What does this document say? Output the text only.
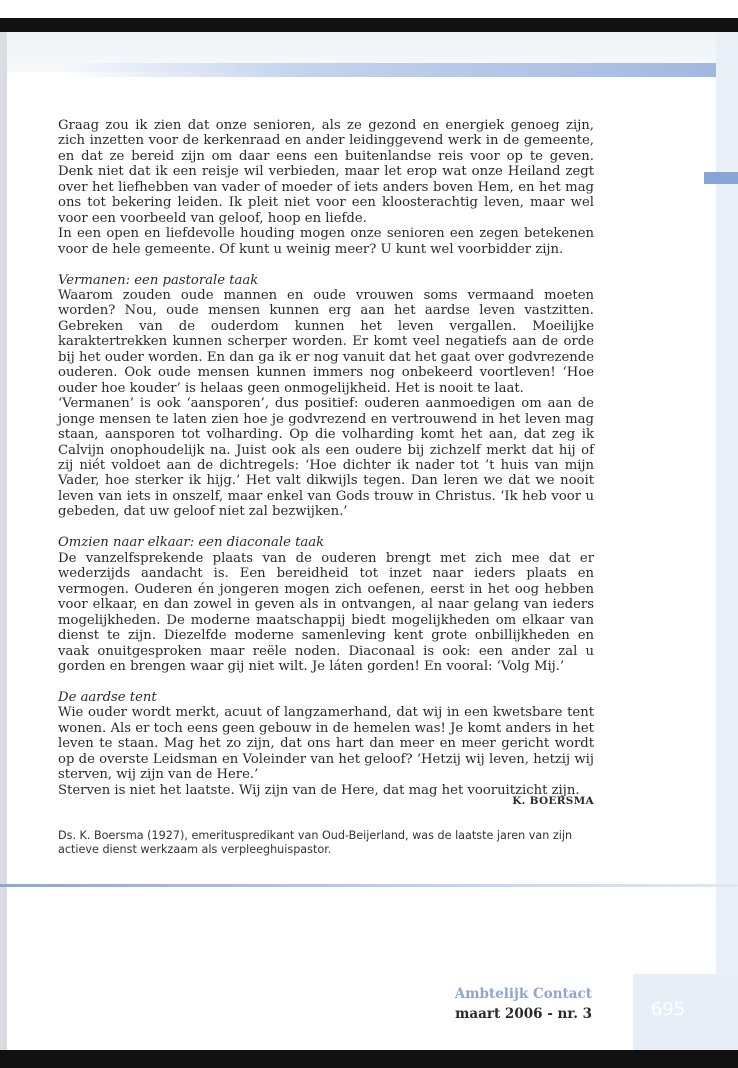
Graag zou ik zien dat onze senioren, als ze gezond en energiek genoeg zijn, zich inzetten voor de kerkenraad en ander leidinggevend werk in de gemeente, en dat ze bereid zijn om daar eens een buitenlandse reis voor op te geven. Denk niet dat ik een reisje wil verbieden, maar let erop wat onze Heiland zegt over het liefhebben van vader of moeder of iets anders boven Hem, en het mag ons tot bekering leiden. Ik pleit niet voor een kloosterachtig leven, maar wel voor een voorbeeld van geloof, hoop en liefde.

In een open en liefdevolle houding mogen onze senioren een zegen betekenen voor de hele gemeente. Of kunt u weinig meer? U kunt wel voorbidder zijn.

Vermanen: een pastorale taak

Waarom zouden oude mannen en oude vrouwen soms vermaand moeten worden? Nou, oude mensen kunnen erg aan het aardse leven vastzitten. Gebreken van de ouderdom kunnen het leven vergallen. Moeilijke karaktertrekken kunnen scherper worden. Er komt veel negatiefs aan de orde bij het ouder worden. En dan ga ik er nog vanuit dat het gaat over godvrezende ouderen. Ook oude mensen kunnen immers nog onbekeerd voortleven! ‘Hoe ouder hoe kouder’ is helaas geen onmogelijkheid. Het is nooit te laat.

‘Vermanen’ is ook ‘aansporen’, dus positief: ouderen aanmoedigen om aan de jonge mensen te laten zien hoe je godvrezend en vertrouwend in het leven mag staan, aansporen tot volharding. Op die volharding komt het aan, dat zeg ik Calvijn onophoudelijk na. Juist ook als een oudere bij zichzelf merkt dat hij of zij niét voldoet aan de dichtregels: ‘Hoe dichter ik nader tot ’t huis van mijn Vader, hoe sterker ik hijg.’ Het valt dikwijls tegen. Dan leren we dat we nooit leven van iets in onszelf, maar enkel van Gods trouw in Christus. ‘Ik heb voor u gebeden, dat uw geloof niet zal bezwijken.’

Omzien naar elkaar: een diaconale taak

De vanzelfsprekende plaats van de ouderen brengt met zich mee dat er wederzijds aandacht is. Een bereidheid tot inzet naar ieders plaats en vermogen. Ouderen én jongeren mogen zich oefenen, eerst in het oog hebben voor elkaar, en dan zowel in geven als in ontvangen, al naar gelang van ieders mogelijkheden. De moderne maatschappij biedt mogelijkheden om elkaar van dienst te zijn. Diezelfde moderne samenleving kent grote onbillijkheden en vaak onuitgesproken maar reële noden. Diaconaal is ook: een ander zal u gorden en brengen waar gij niet wilt. Je láten gorden! En vooral: ‘Volg Mij.’

De aardse tent

Wie ouder wordt merkt, acuut of langzamerhand, dat wij in een kwetsbare tent wonen. Als er toch eens geen gebouw in de hemelen was! Je komt anders in het leven te staan. Mag het zo zijn, dat ons hart dan meer en meer gericht wordt op de overste Leidsman en Voleinder van het geloof? ‘Hetzij wij leven, hetzij wij sterven, wij zijn van de Here.’

Sterven is niet het laatste. Wij zijn van de Here, dat mag het vooruitzicht zijn.

K. BOERSMA
Ds. K. Boersma (1927), emerituspredikant van Oud-Beijerland, was de laatste jaren van zijn actieve dienst werkzaam als verpleeghuispastor.
Ambtelijk Contact
maart 2006 - nr. 3	695
